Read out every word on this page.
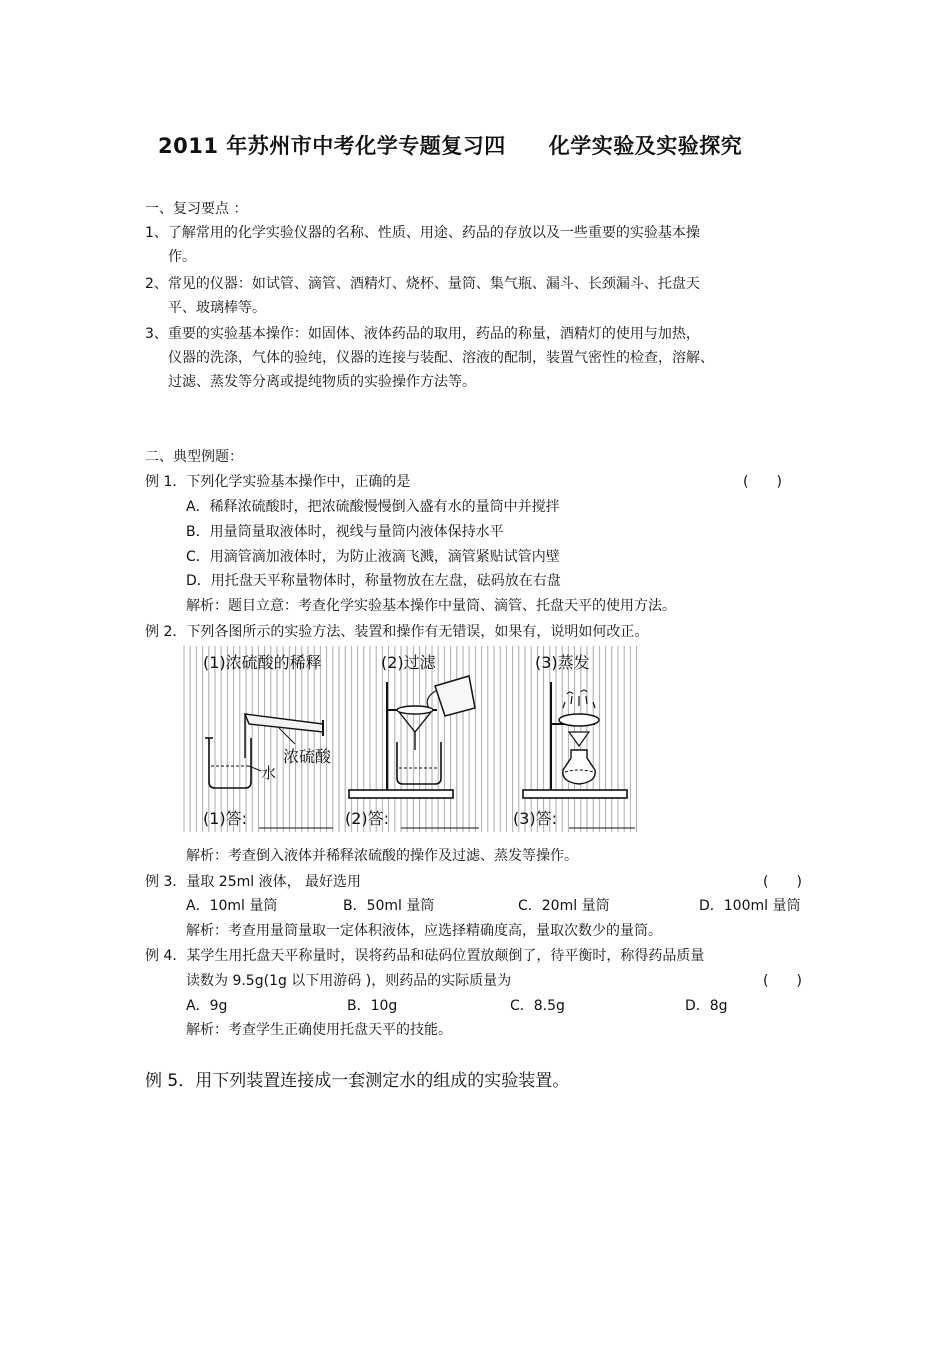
2011 年苏州市中考化学专题复习四　　化学实验及实验探究
一、复习要点 ：
1、了解常用的化学实验仪器的名称、性质、用途、药品的存放以及一些重要的实验基本操
作。
2、常见的仪器：如试管、滴管、酒精灯、烧杯、量筒、集气瓶、漏斗、长颈漏斗、托盘天
平、玻璃棒等。
3、重要的实验基本操作：如固体、液体药品的取用，药品的称量，酒精灯的使用与加热，
仪器的洗涤，气体的验纯，仪器的连接与装配、溶液的配制，装置气密性的检查，溶解、
过滤、蒸发等分离或提纯物质的实验操作方法等。
二、典型例题：
例 1．下列化学实验基本操作中，正确的是	(　　)
A．稀释浓硫酸时，把浓硫酸慢慢倒入盛有水的量筒中并搅拌
B．用量筒量取液体时，视线与量筒内液体保持水平
C．用滴管滴加液体时，为防止液滴飞溅，滴管紧贴试管内壁
D．用托盘天平称量物体时，称量物放在左盘，砝码放在右盘
解析：题目立意：考查化学实验基本操作中量筒、滴管、托盘天平的使用方法。
例 2．下列各图所示的实验方法、装置和操作有无错误，如果有，说明如何改正。
(1)浓硫酸的稀释
水
浓硫酸
(1)答:
(2)过滤
(2)答:
(3)蒸发
(3)答:
解析：考查倒入液体并稀释浓硫酸的操作及过滤、蒸发等操作。
例 3．量取 25ml 液体， 最好选用	(　　)
A．10ml 量筒	B．50ml 量筒	C．20ml 量筒	D．100ml 量筒
解析：考查用量筒量取一定体积液体，应选择精确度高，量取次数少的量筒。
例 4．某学生用托盘天平称量时，误将药品和砝码位置放颠倒了，待平衡时，称得药品质量
读数为 9.5g(1g 以下用游码 )，则药品的实际质量为	(　　)
A．9g	B．10g	C．8.5g	D．8g
解析：考查学生正确使用托盘天平的技能。
例 5．用下列装置连接成一套测定水的组成的实验装置。
